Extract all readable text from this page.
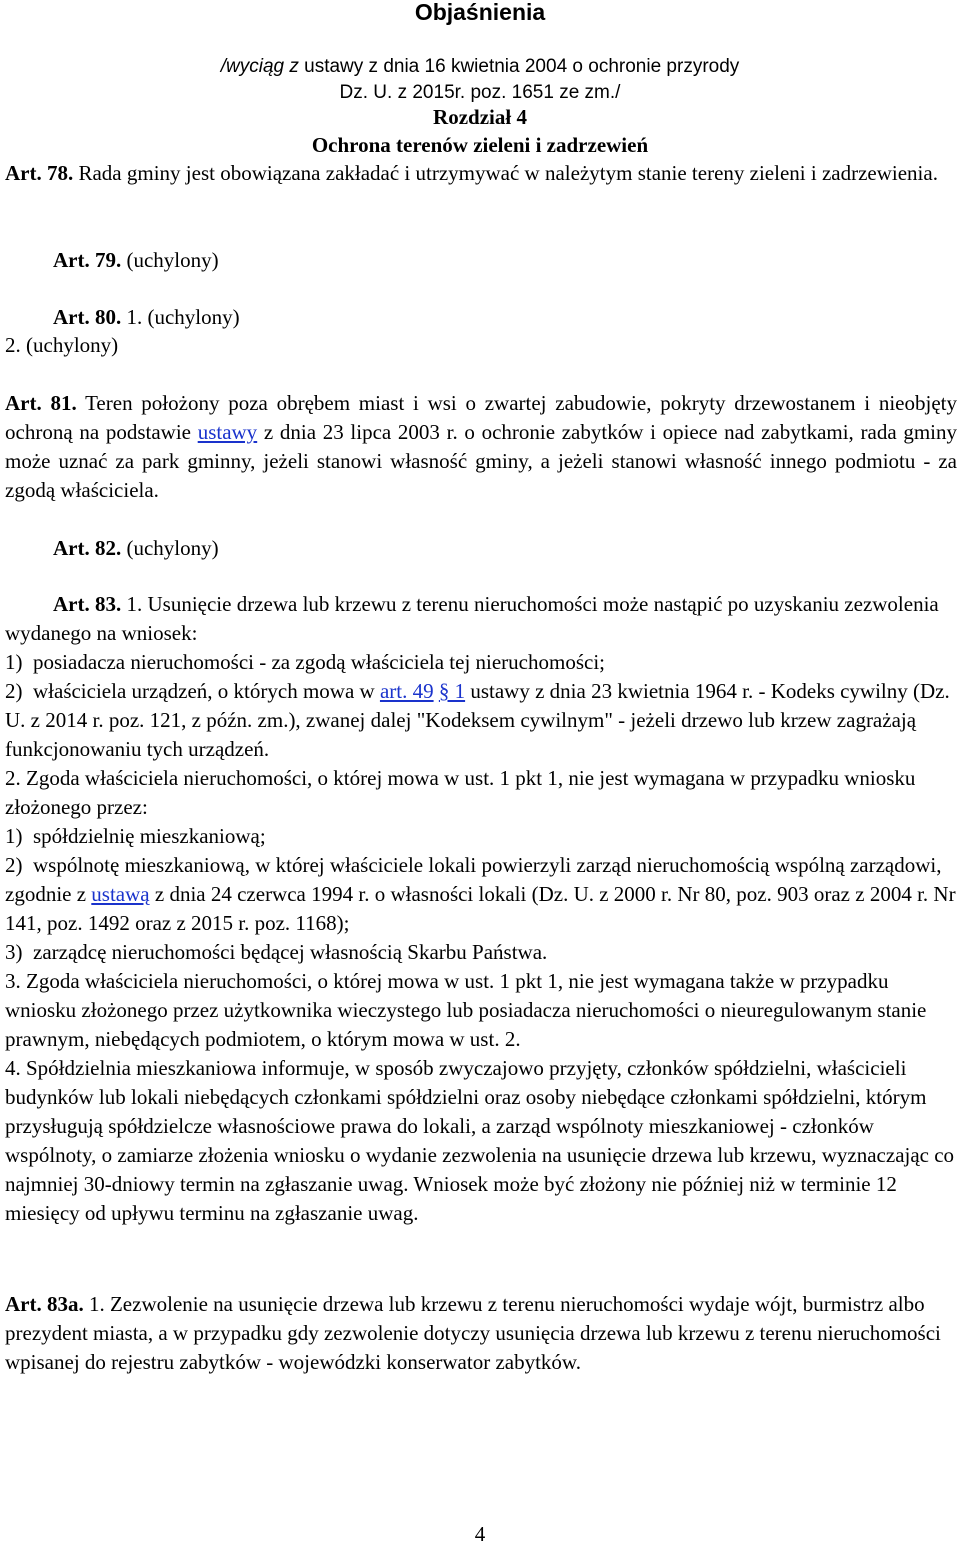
Objaśnienia
/wyciąg z ustawy z dnia 16 kwietnia 2004 o ochronie przyrody
Dz. U. z 2015r. poz. 1651 ze zm./
Rozdział 4
Ochrona terenów zieleni i zadrzewień

Art. 78. Rada gminy jest obowiązana zakładać i utrzymywać w należytym stanie tereny zieleni i zadrzewienia.

Art. 79. (uchylony)

Art. 80. 1. (uchylony)

2. (uchylony)

Art. 81. Teren położony poza obrębem miast i wsi o zwartej zabudowie, pokryty drzewostanem i nieobjęty ochroną na podstawie ustawy z dnia 23 lipca 2003 r. o ochronie zabytków i opiece nad zabytkami, rada gminy może uznać za park gminny, jeżeli stanowi własność gminy, a jeżeli stanowi własność innego podmiotu - za zgodą właściciela.

Art. 82. (uchylony)

Art. 83. 1. Usunięcie drzewa lub krzewu z terenu nieruchomości może nastąpić po uzyskaniu zezwolenia wydanego na wniosek:

1)  posiadacza nieruchomości - za zgodą właściciela tej nieruchomości;

2)  właściciela urządzeń, o których mowa w art. 49 § 1 ustawy z dnia 23 kwietnia 1964 r. - Kodeks cywilny (Dz. U. z 2014 r. poz. 121, z późn. zm.), zwanej dalej "Kodeksem cywilnym" - jeżeli drzewo lub krzew zagrażają funkcjonowaniu tych urządzeń.

2. Zgoda właściciela nieruchomości, o której mowa w ust. 1 pkt 1, nie jest wymagana w przypadku wniosku złożonego przez:

1)  spółdzielnię mieszkaniową;

2)  wspólnotę mieszkaniową, w której właściciele lokali powierzyli zarząd nieruchomością wspólną zarządowi, zgodnie z ustawą z dnia 24 czerwca 1994 r. o własności lokali (Dz. U. z 2000 r. Nr 80, poz. 903 oraz z 2004 r. Nr 141, poz. 1492 oraz z 2015 r. poz. 1168);

3)  zarządcę nieruchomości będącej własnością Skarbu Państwa.

3. Zgoda właściciela nieruchomości, o której mowa w ust. 1 pkt 1, nie jest wymagana także w przypadku wniosku złożonego przez użytkownika wieczystego lub posiadacza nieruchomości o nieuregulowanym stanie prawnym, niebędących podmiotem, o którym mowa w ust. 2.

4. Spółdzielnia mieszkaniowa informuje, w sposób zwyczajowo przyjęty, członków spółdzielni, właścicieli budynków lub lokali niebędących członkami spółdzielni oraz osoby niebędące członkami spółdzielni, którym przysługują spółdzielcze własnościowe prawa do lokali, a zarząd wspólnoty mieszkaniowej - członków wspólnoty, o zamiarze złożenia wniosku o wydanie zezwolenia na usunięcie drzewa lub krzewu, wyznaczając co najmniej 30-dniowy termin na zgłaszanie uwag. Wniosek może być złożony nie później niż w terminie 12 miesięcy od upływu terminu na zgłaszanie uwag.

Art. 83a. 1. Zezwolenie na usunięcie drzewa lub krzewu z terenu nieruchomości wydaje wójt, burmistrz albo prezydent miasta, a w przypadku gdy zezwolenie dotyczy usunięcia drzewa lub krzewu z terenu nieruchomości wpisanej do rejestru zabytków - wojewódzki konserwator zabytków.

4
